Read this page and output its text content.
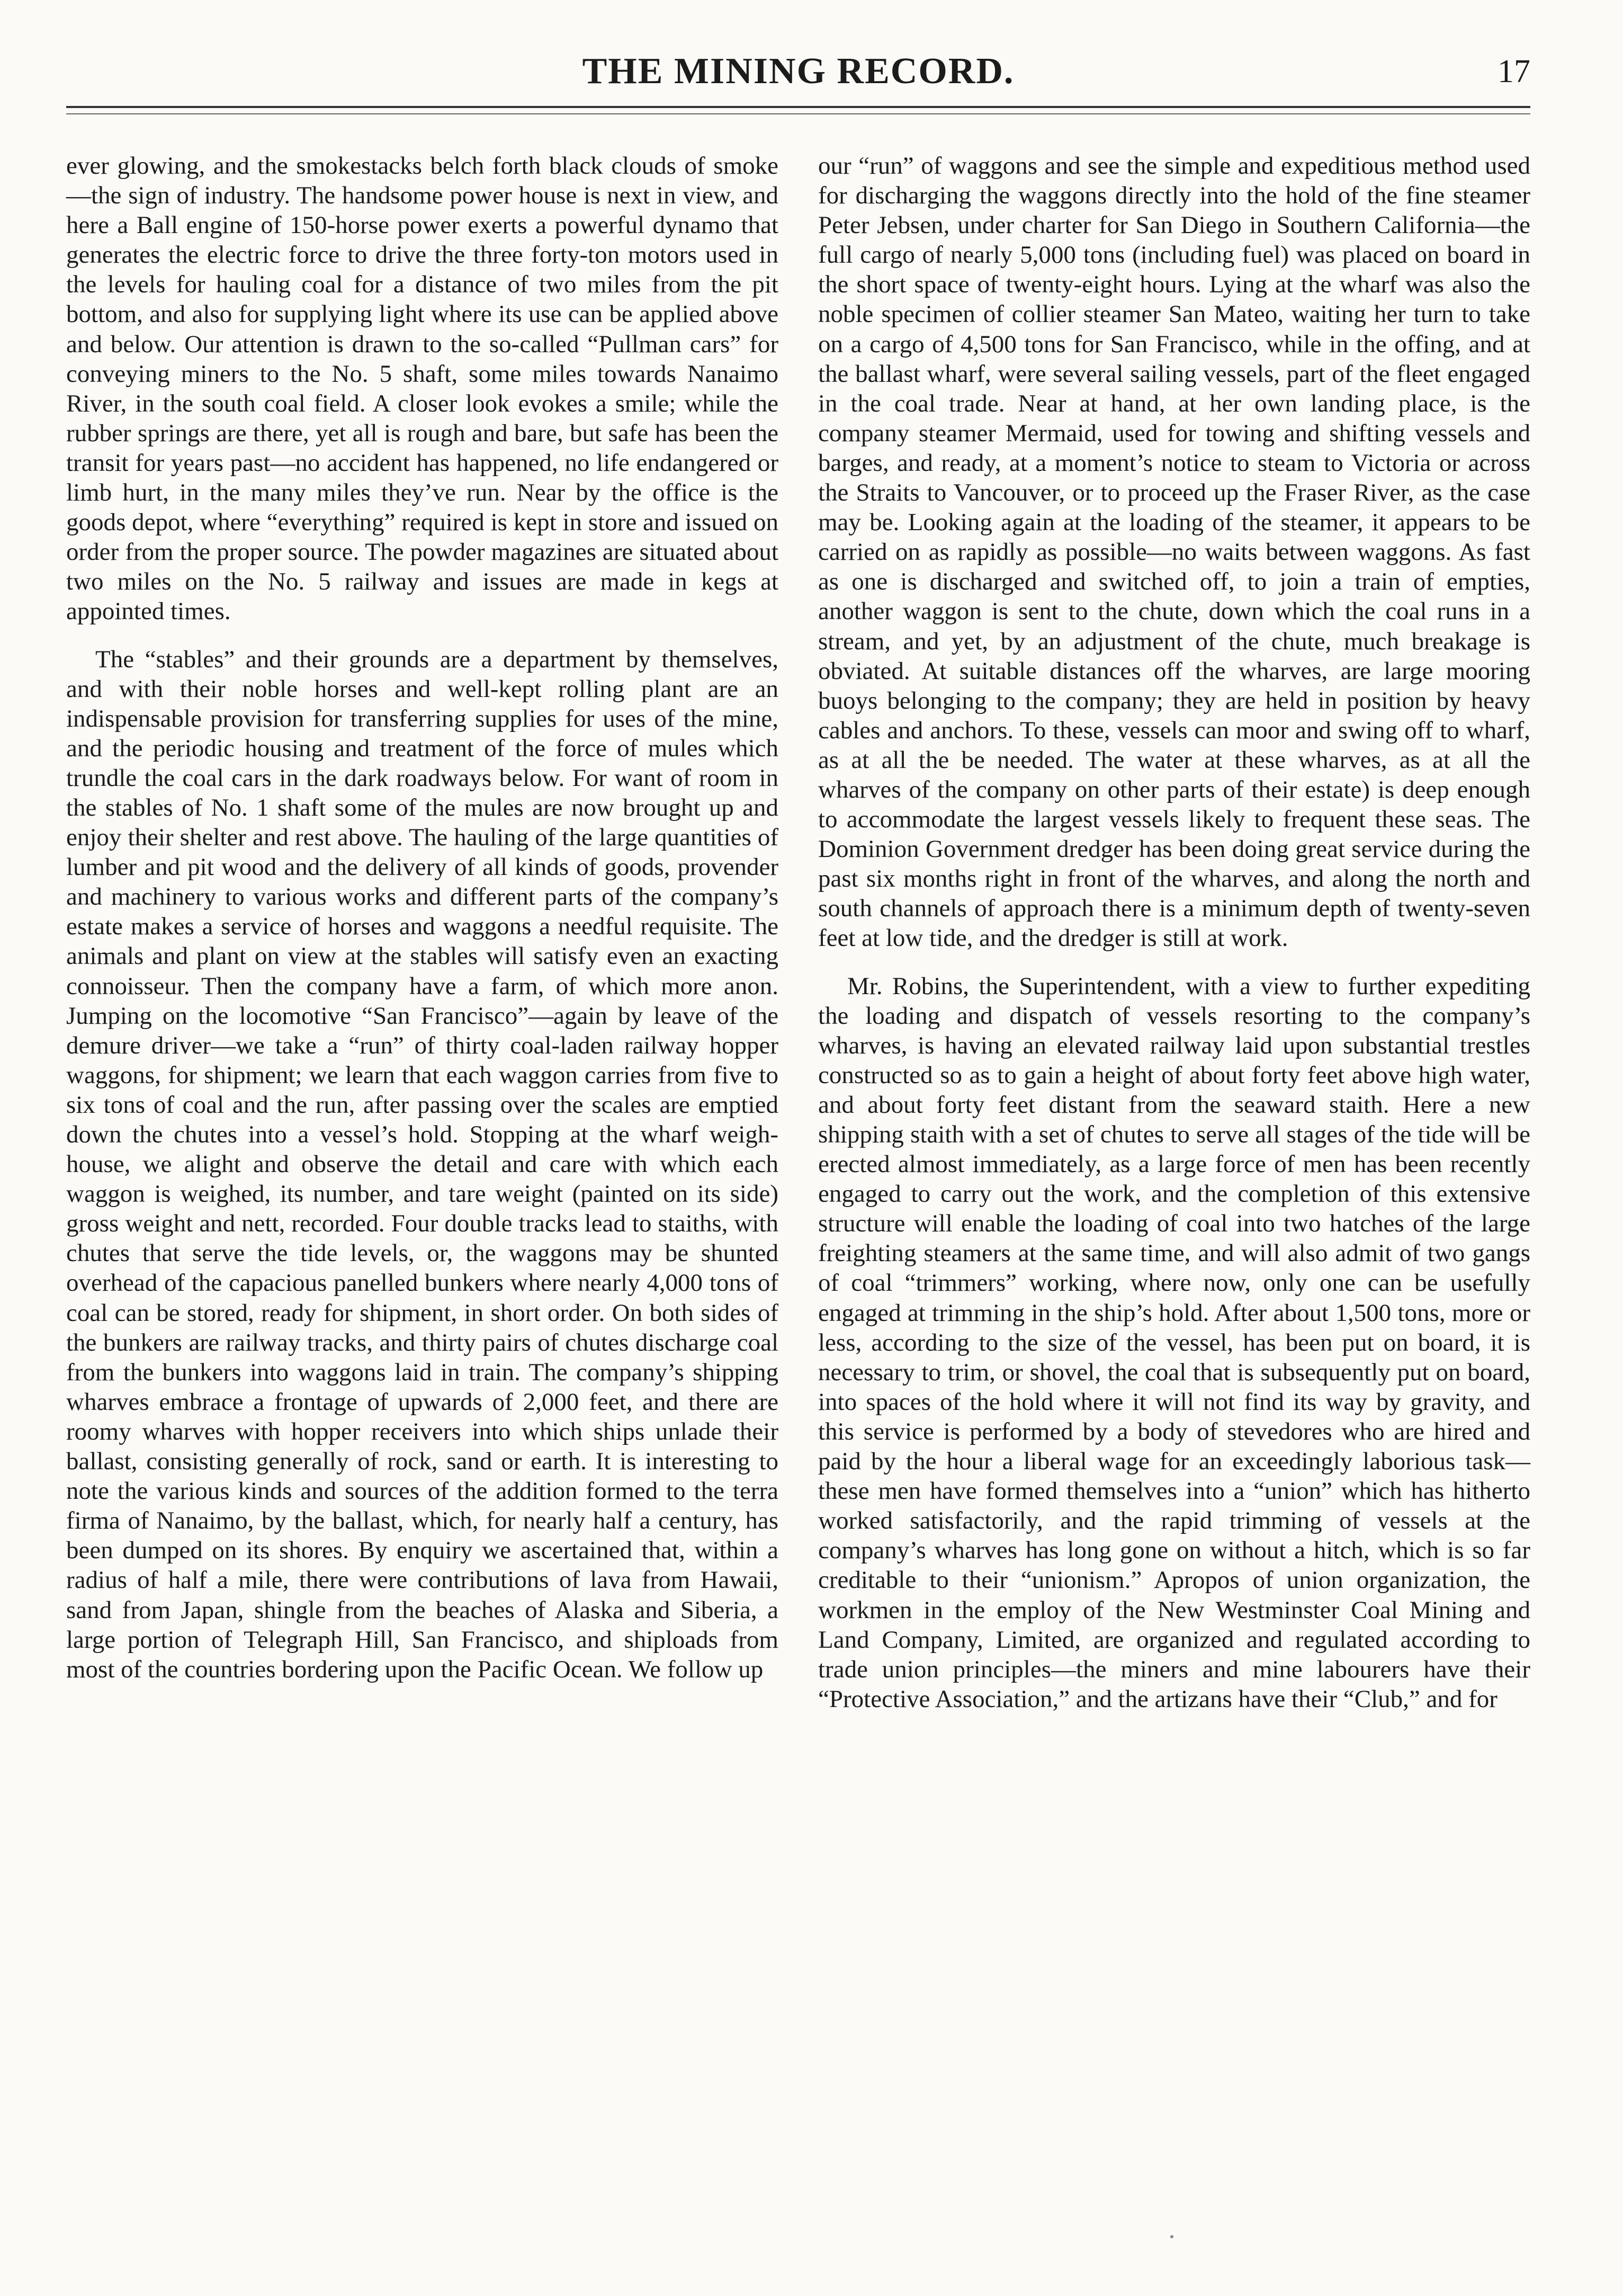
THE MINING RECORD.	17

ever glowing, and the smokestacks belch forth black clouds of smoke—the sign of industry. The handsome power house is next in view, and here a Ball engine of 150-horse power exerts a powerful dynamo that generates the electric force to drive the three forty-ton motors used in the levels for hauling coal for a distance of two miles from the pit bottom, and also for supplying light where its use can be applied above and below. Our attention is drawn to the so-called “Pullman cars” for conveying miners to the No. 5 shaft, some miles towards Nanaimo River, in the south coal field. A closer look evokes a smile; while the rubber springs are there, yet all is rough and bare, but safe has been the transit for years past—no accident has happened, no life endangered or limb hurt, in the many miles they’ve run. Near by the office is the goods depot, where “everything” required is kept in store and issued on order from the proper source. The powder magazines are situated about two miles on the No. 5 railway and issues are made in kegs at appointed times.

The “stables” and their grounds are a department by themselves, and with their noble horses and well-kept rolling plant are an indispensable provision for transferring supplies for uses of the mine, and the periodic housing and treatment of the force of mules which trundle the coal cars in the dark roadways below. For want of room in the stables of No. 1 shaft some of the mules are now brought up and enjoy their shelter and rest above. The hauling of the large quantities of lumber and pit wood and the delivery of all kinds of goods, provender and machinery to various works and different parts of the company’s estate makes a service of horses and waggons a needful requisite. The animals and plant on view at the stables will satisfy even an exacting connoisseur. Then the company have a farm, of which more anon. Jumping on the locomotive “San Francisco”—again by leave of the demure driver—we take a “run” of thirty coal-laden railway hopper waggons, for shipment; we learn that each waggon carries from five to six tons of coal and the run, after passing over the scales are emptied down the chutes into a vessel’s hold. Stopping at the wharf weigh-house, we alight and observe the detail and care with which each waggon is weighed, its number, and tare weight (painted on its side) gross weight and nett, recorded. Four double tracks lead to staiths, with chutes that serve the tide levels, or, the waggons may be shunted overhead of the capacious panelled bunkers where nearly 4,000 tons of coal can be stored, ready for shipment, in short order. On both sides of the bunkers are railway tracks, and thirty pairs of chutes discharge coal from the bunkers into waggons laid in train. The company’s shipping wharves embrace a frontage of upwards of 2,000 feet, and there are roomy wharves with hopper receivers into which ships unlade their ballast, consisting generally of rock, sand or earth. It is interesting to note the various kinds and sources of the addition formed to the terra firma of Nanaimo, by the ballast, which, for nearly half a century, has been dumped on its shores. By enquiry we ascertained that, within a radius of half a mile, there were contributions of lava from Hawaii, sand from Japan, shingle from the beaches of Alaska and Siberia, a large portion of Telegraph Hill, San Francisco, and shiploads from most of the countries bordering upon the Pacific Ocean. We follow up

our “run” of waggons and see the simple and expeditious method used for discharging the waggons directly into the hold of the fine steamer Peter Jebsen, under charter for San Diego in Southern California—the full cargo of nearly 5,000 tons (including fuel) was placed on board in the short space of twenty-eight hours. Lying at the wharf was also the noble specimen of collier steamer San Mateo, waiting her turn to take on a cargo of 4,500 tons for San Francisco, while in the offing, and at the ballast wharf, were several sailing vessels, part of the fleet engaged in the coal trade. Near at hand, at her own landing place, is the company steamer Mermaid, used for towing and shifting vessels and barges, and ready, at a moment’s notice to steam to Victoria or across the Straits to Vancouver, or to proceed up the Fraser River, as the case may be. Looking again at the loading of the steamer, it appears to be carried on as rapidly as possible—no waits between waggons. As fast as one is discharged and switched off, to join a train of empties, another waggon is sent to the chute, down which the coal runs in a stream, and yet, by an adjustment of the chute, much breakage is obviated. At suitable distances off the wharves, are large mooring buoys belonging to the company; they are held in position by heavy cables and anchors. To these, vessels can moor and swing off to wharf, as at all the be needed. The water at these wharves, as at all the wharves of the company on other parts of their estate) is deep enough to accommodate the largest vessels likely to frequent these seas. The Dominion Government dredger has been doing great service during the past six months right in front of the wharves, and along the north and south channels of approach there is a minimum depth of twenty-seven feet at low tide, and the dredger is still at work.

Mr. Robins, the Superintendent, with a view to further expediting the loading and dispatch of vessels resorting to the company’s wharves, is having an elevated railway laid upon substantial trestles constructed so as to gain a height of about forty feet above high water, and about forty feet distant from the seaward staith. Here a new shipping staith with a set of chutes to serve all stages of the tide will be erected almost immediately, as a large force of men has been recently engaged to carry out the work, and the completion of this extensive structure will enable the loading of coal into two hatches of the large freighting steamers at the same time, and will also admit of two gangs of coal “trimmers” working, where now, only one can be usefully engaged at trimming in the ship’s hold. After about 1,500 tons, more or less, according to the size of the vessel, has been put on board, it is necessary to trim, or shovel, the coal that is subsequently put on board, into spaces of the hold where it will not find its way by gravity, and this service is performed by a body of stevedores who are hired and paid by the hour a liberal wage for an exceedingly laborious task—these men have formed themselves into a “union” which has hitherto worked satisfactorily, and the rapid trimming of vessels at the company’s wharves has long gone on without a hitch, which is so far creditable to their “unionism.” Apropos of union organization, the workmen in the employ of the New Westminster Coal Mining and Land Company, Limited, are organized and regulated according to trade union principles—the miners and mine labourers have their “Protective Association,” and the artizans have their “Club,” and for
